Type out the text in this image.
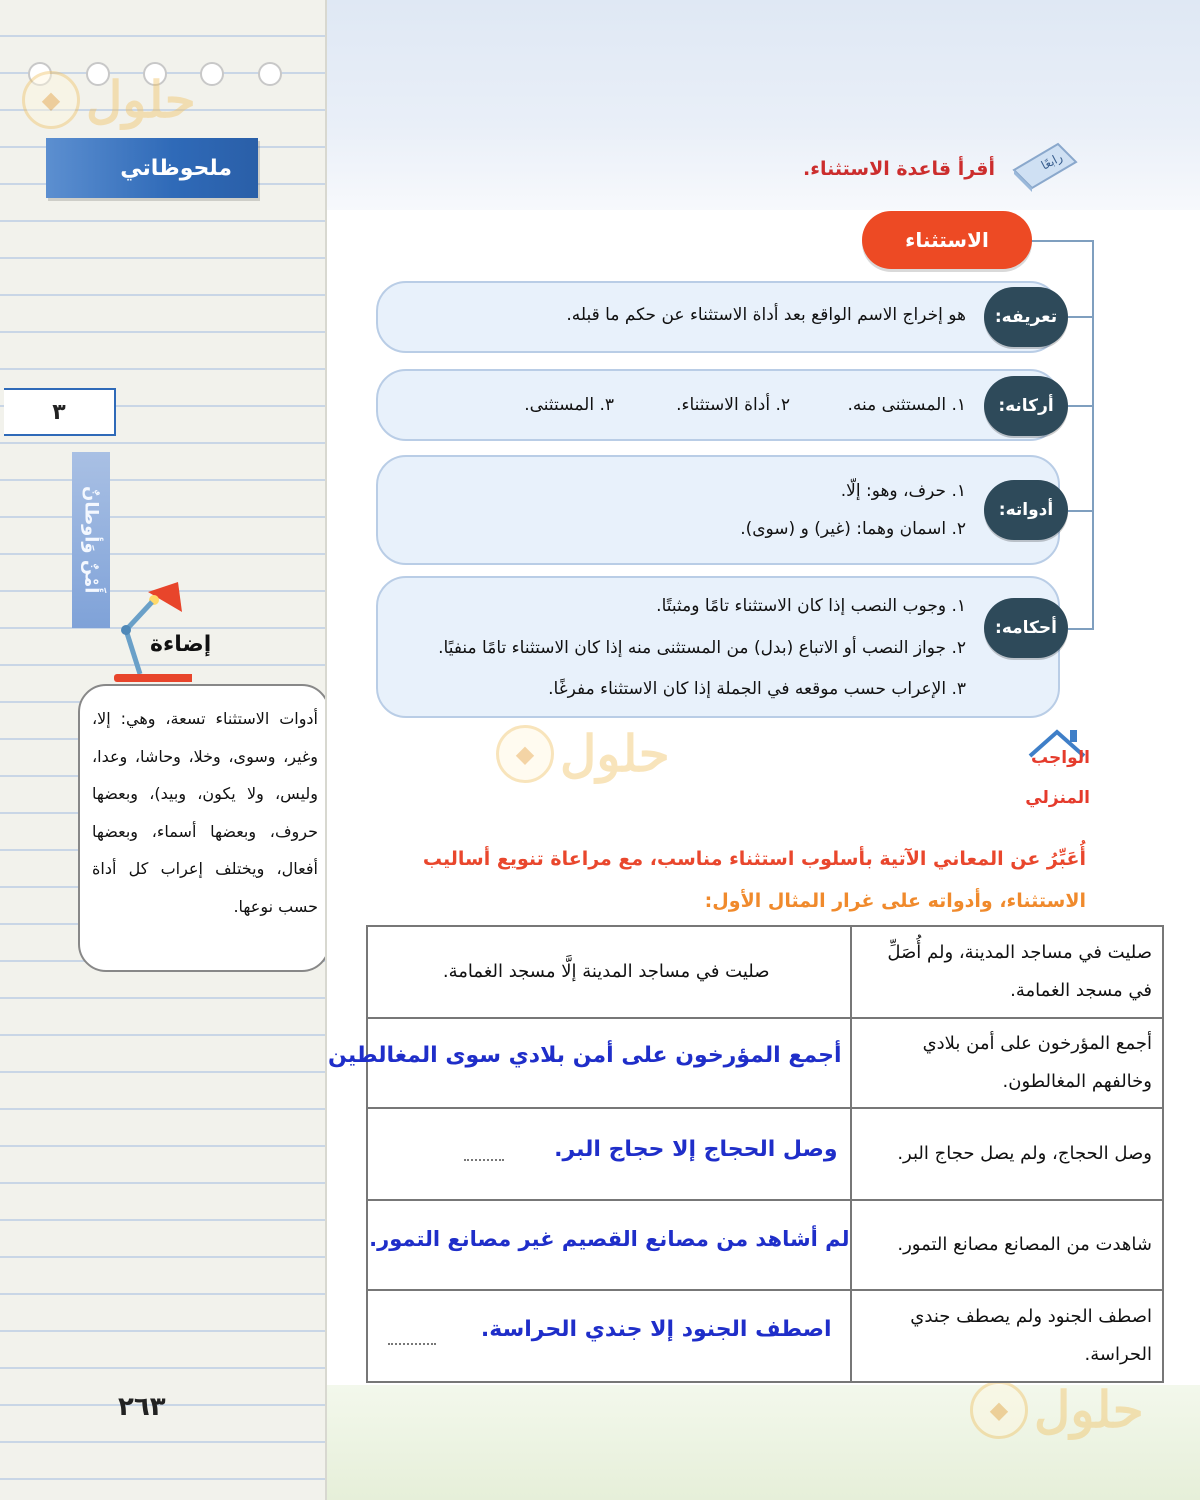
ملحوظاتي
٣
أَمْنٌ وَأوطانٌ
إضاءة
أدوات الاستثناء تسعة، وهي: إلا، وغير، وسوى، وخلا، وحاشا، وعدا، وليس، ولا يكون، وبيد)، وبعضها حروف، وبعضها أسماء، وبعضها أفعال، ويختلف إعراب كل أداة حسب نوعها.
٢٦٣
◆ حلول
◆ حلول
◆ حلول
رابعًا
أقرأ قاعدة الاستثناء.
الاستثناء
هو إخراج الاسم الواقع بعد أداة الاستثناء عن حكم ما قبله.	تعريفه:
١. المستثنى منه.
٢. أداة الاستثناء.
٣. المستثنى.	أركانه:
١. حرف، وهو: إلّا.
٢. اسمان وهما: (غير) و (سوى).
أدواته:
١. وجوب النصب إذا كان الاستثناء تامًا ومثبتًا.
٢. جواز النصب أو الاتباع (بدل) من المستثنى منه إذا كان الاستثناء تامًا منفيًا.
٣. الإعراب حسب موقعه في الجملة إذا كان الاستثناء مفرغًا.
أحكامه:
الواجب
المنزلي
أُعَبِّرُ عن المعاني الآتية بأسلوب استثناء مناسب، مع مراعاة تنويع أساليب
الاستثناء، وأدواته على غرار المثال الأول:
صليت في مساجد المدينة، ولم أُصَلِّ في مسجد الغمامة.	صليت في مساجد المدينة إلَّا مسجد الغمامة.
أجمع المؤرخون على أمن بلادي وخالفهم المغالطون.	أجمع المؤرخون على أمن بلادي سوى المغالطين

وصل الحجاج، ولم يصل حجاج البر.	وصل الحجاج إلا حجاج البر.

شاهدت من المصانع مصانع التمور.	لم أشاهد من مصانع القصيم غير مصانع التمور.

اصطف الجنود ولم يصطف جندي الحراسة.	اصطف الجنود إلا جندي الحراسة.
